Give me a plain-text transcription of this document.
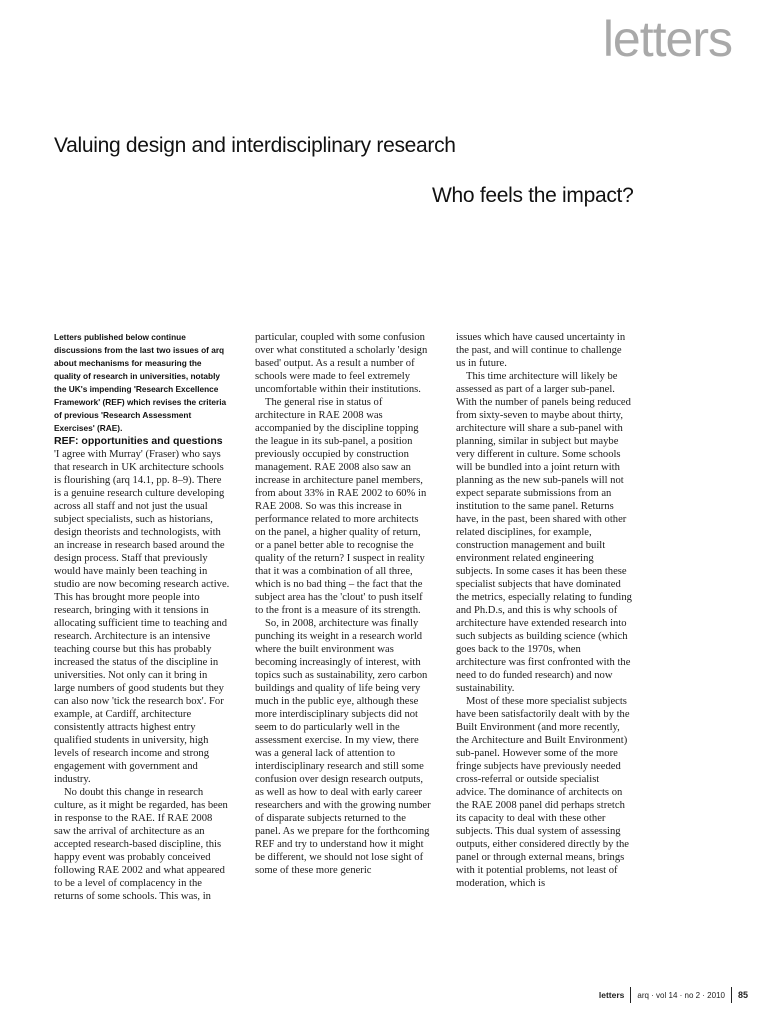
letters
Valuing design and interdisciplinary research
Who feels the impact?

Letters published below continue discussions from the last two issues of arq about mechanisms for measuring the quality of research in universities, notably the UK's impending 'Research Excellence Framework' (REF) which revises the criteria of previous 'Research Assessment Exercises' (RAE).

REF: opportunities and questions

'I agree with Murray' (Fraser) who says that research in UK architecture schools is flourishing (arq 14.1, pp. 8–9). There is a genuine research culture developing across all staff and not just the usual subject specialists, such as historians, design theorists and technologists, with an increase in research based around the design process. Staff that previously would have mainly been teaching in studio are now becoming research active. This has brought more people into research, bringing with it tensions in allocating sufficient time to teaching and research. Architecture is an intensive teaching course but this has probably increased the status of the discipline in universities. Not only can it bring in large numbers of good students but they can also now 'tick the research box'. For example, at Cardiff, architecture consistently attracts highest entry qualified students in university, high levels of research income and strong engagement with government and industry.

No doubt this change in research culture, as it might be regarded, has been in response to the RAE. If RAE 2008 saw the arrival of architecture as an accepted research-based discipline, this happy event was probably conceived following RAE 2002 and what appeared to be a level of complacency in the returns of some schools. This was, in

particular, coupled with some confusion over what constituted a scholarly 'design based' output. As a result a number of schools were made to feel extremely uncomfortable within their institutions.

The general rise in status of architecture in RAE 2008 was accompanied by the discipline topping the league in its sub-panel, a position previously occupied by construction management. RAE 2008 also saw an increase in architecture panel members, from about 33% in RAE 2002 to 60% in RAE 2008. So was this increase in performance related to more architects on the panel, a higher quality of return, or a panel better able to recognise the quality of the return? I suspect in reality that it was a combination of all three, which is no bad thing – the fact that the subject area has the 'clout' to push itself to the front is a measure of its strength.

So, in 2008, architecture was finally punching its weight in a research world where the built environment was becoming increasingly of interest, with topics such as sustainability, zero carbon buildings and quality of life being very much in the public eye, although these more interdisciplinary subjects did not seem to do particularly well in the assessment exercise. In my view, there was a general lack of attention to interdisciplinary research and still some confusion over design research outputs, as well as how to deal with early career researchers and with the growing number of disparate subjects returned to the panel. As we prepare for the forthcoming REF and try to understand how it might be different, we should not lose sight of some of these more generic

issues which have caused uncertainty in the past, and will continue to challenge us in future.

This time architecture will likely be assessed as part of a larger sub-panel. With the number of panels being reduced from sixty-seven to maybe about thirty, architecture will share a sub-panel with planning, similar in subject but maybe very different in culture. Some schools will be bundled into a joint return with planning as the new sub-panels will not expect separate submissions from an institution to the same panel. Returns have, in the past, been shared with other related disciplines, for example, construction management and built environment related engineering subjects. In some cases it has been these specialist subjects that have dominated the metrics, especially relating to funding and Ph.D.s, and this is why schools of architecture have extended research into such subjects as building science (which goes back to the 1970s, when architecture was first confronted with the need to do funded research) and now sustainability.

Most of these more specialist subjects have been satisfactorily dealt with by the Built Environment (and more recently, the Architecture and Built Environment) sub-panel. However some of the more fringe subjects have previously needed cross-referral or outside specialist advice. The dominance of architects on the RAE 2008 panel did perhaps stretch its capacity to deal with these other subjects. This dual system of assessing outputs, either considered directly by the panel or through external means, brings with it potential problems, not least of moderation, which is

letters	arq · vol 14 · no 2 · 2010	85
